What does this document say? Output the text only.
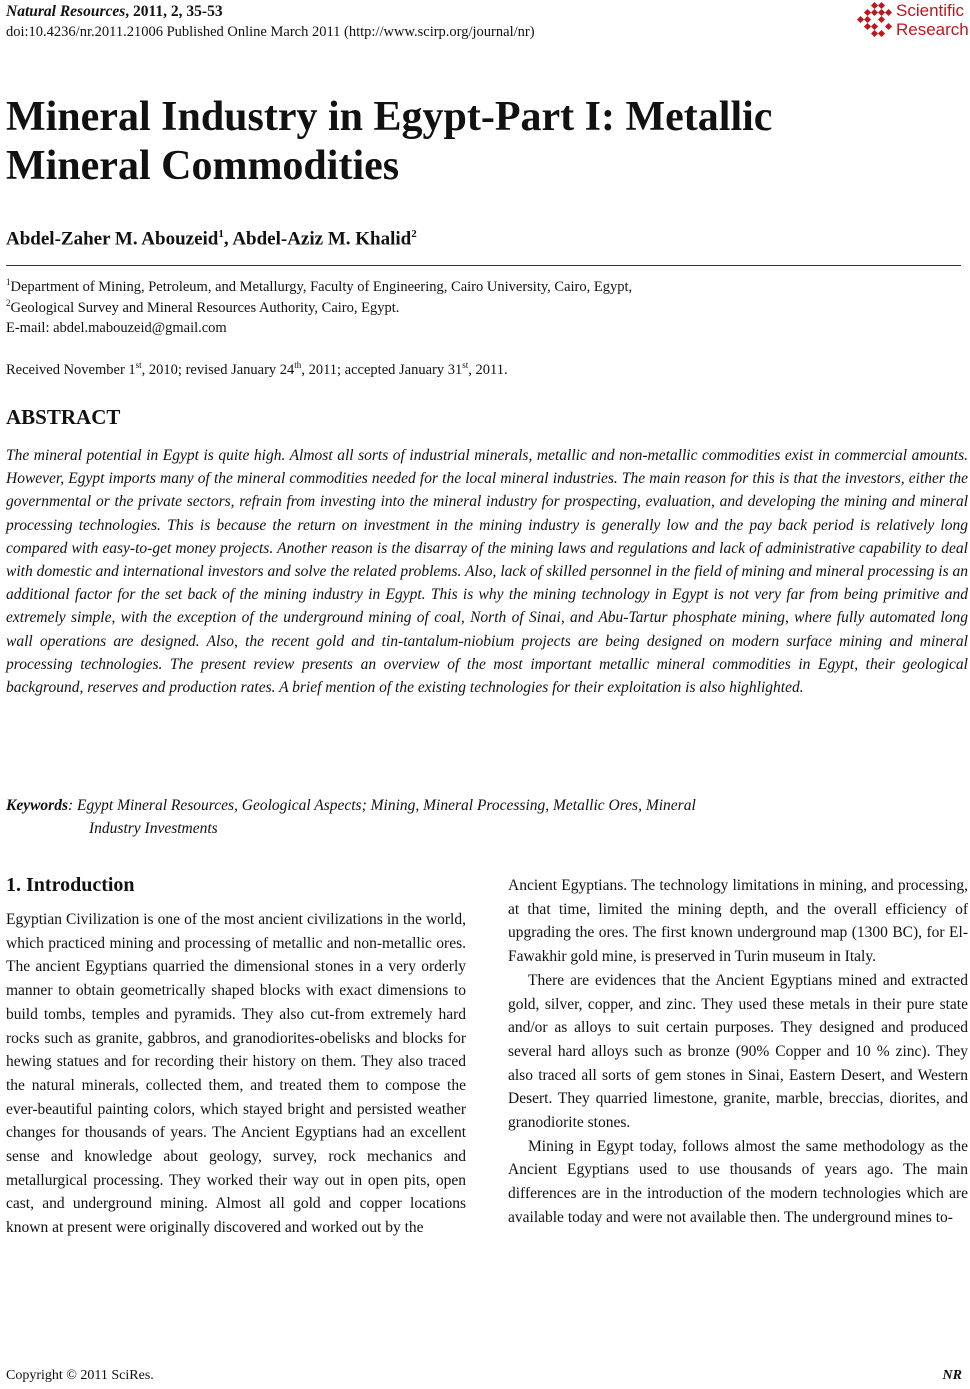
Natural Resources, 2011, 2, 35-53
doi:10.4236/nr.2011.21006 Published Online March 2011 (http://www.scirp.org/journal/nr)
Scientific
Research
Mineral Industry in Egypt-Part I: Metallic Mineral Commodities
Abdel-Zaher M. Abouzeid$^1$, Abdel-Aziz M. Khalid$^2$
$^1$Department of Mining, Petroleum, and Metallurgy, Faculty of Engineering, Cairo University, Cairo, Egypt,
$^2$Geological Survey and Mineral Resources Authority, Cairo, Egypt.
E-mail: abdel.mabouzeid@gmail.com
Received November 1st, 2010; revised January 24th, 2011; accepted January 31st, 2011.
ABSTRACT

The mineral potential in Egypt is quite high. Almost all sorts of industrial minerals, metallic and non-metallic commodities exist in commercial amounts. However, Egypt imports many of the mineral commodities needed for the local mineral industries. The main reason for this is that the investors, either the governmental or the private sectors, refrain from investing into the mineral industry for prospecting, evaluation, and developing the mining and mineral processing technologies. This is because the return on investment in the mining industry is generally low and the pay back period is relatively long compared with easy-to-get money projects. Another reason is the disarray of the mining laws and regulations and lack of administrative capability to deal with domestic and international investors and solve the related problems. Also, lack of skilled personnel in the field of mining and mineral processing is an additional factor for the set back of the mining industry in Egypt. This is why the mining technology in Egypt is not very far from being primitive and extremely simple, with the exception of the underground mining of coal, North of Sinai, and Abu-Tartur phosphate mining, where fully automated long wall operations are designed. Also, the recent gold and tin-tantalum-niobium projects are being designed on modern surface mining and mineral processing technologies. The present review presents an overview of the most important metallic mineral commodities in Egypt, their geological background, reserves and production rates. A brief mention of the existing technologies for their exploitation is also highlighted.

Keywords: Egypt Mineral Resources, Geological Aspects; Mining, Mineral Processing, Metallic Ores, Mineral
Industry Investments
1. Introduction

Egyptian Civilization is one of the most ancient civilizations in the world, which practiced mining and processing of metallic and non-metallic ores. The ancient Egyptians quarried the dimensional stones in a very orderly manner to obtain geometrically shaped blocks with exact dimensions to build tombs, temples and pyramids. They also cut-from extremely hard rocks such as granite, gabbros, and granodiorites-obelisks and blocks for hewing statues and for recording their history on them. They also traced the natural minerals, collected them, and treated them to compose the ever-beautiful painting colors, which stayed bright and persisted weather changes for thousands of years. The Ancient Egyptians had an excellent sense and knowledge about geology, survey, rock mechanics and metallurgical processing. They worked their way out in open pits, open cast, and underground mining. Almost all gold and copper locations known at present were originally discovered and worked out by the

Ancient Egyptians. The technology limitations in mining, and processing, at that time, limited the mining depth, and the overall efficiency of upgrading the ores. The first known underground map (1300 BC), for El-Fawakhir gold mine, is preserved in Turin museum in Italy.

There are evidences that the Ancient Egyptians mined and extracted gold, silver, copper, and zinc. They used these metals in their pure state and/or as alloys to suit certain purposes. They designed and produced several hard alloys such as bronze (90% Copper and 10 % zinc). They also traced all sorts of gem stones in Sinai, Eastern Desert, and Western Desert. They quarried limestone, granite, marble, breccias, diorites, and granodiorite stones.

Mining in Egypt today, follows almost the same methodology as the Ancient Egyptians used to use thousands of years ago. The main differences are in the introduction of the modern technologies which are available today and were not available then. The underground mines to-

Copyright © 2011 SciRes.	NR
